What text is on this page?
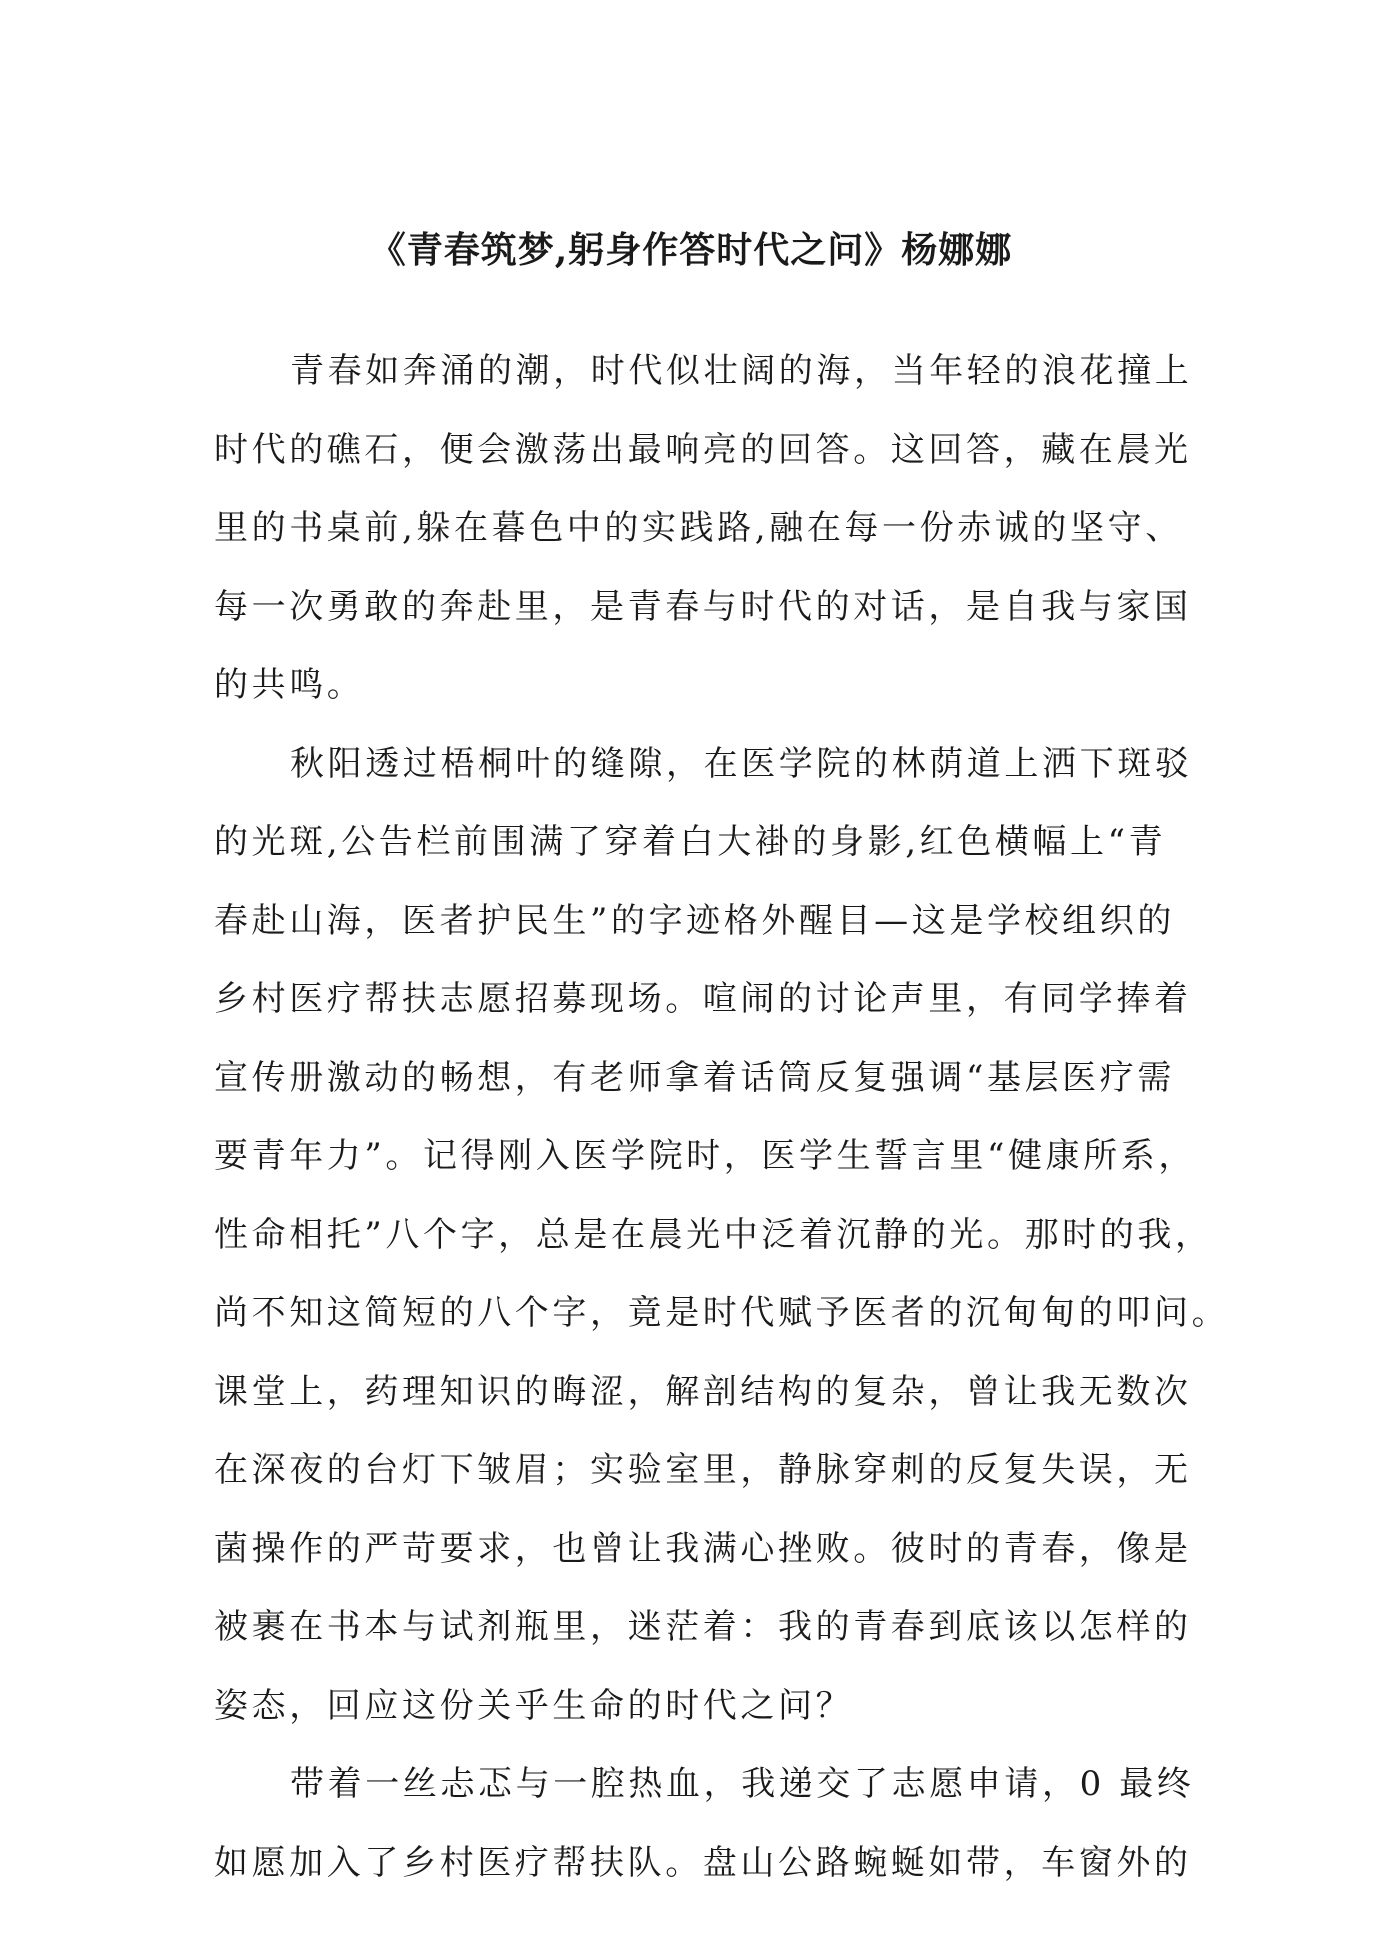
《青春筑梦,躬身作答时代之问》杨娜娜

青春如奔涌的潮，时代似壮阔的海，当年轻的浪花撞上
时代的礁石，便会激荡出最响亮的回答。这回答，藏在晨光
里的书桌前,躲在暮色中的实践路,融在每一份赤诚的坚守、
每一次勇敢的奔赴里，是青春与时代的对话，是自我与家国
的共鸣。

秋阳透过梧桐叶的缝隙，在医学院的林荫道上洒下斑驳
的光斑,公告栏前围满了穿着白大褂的身影,红色横幅上“青
春赴山海，医者护民生”的字迹格外醒目—这是学校组织的
乡村医疗帮扶志愿招募现场。喧闹的讨论声里，有同学捧着
宣传册激动的畅想，有老师拿着话筒反复强调“基层医疗需
要青年力”。记得刚入医学院时，医学生誓言里“健康所系，
性命相托”八个字，总是在晨光中泛着沉静的光。那时的我，
尚不知这简短的八个字，竟是时代赋予医者的沉甸甸的叩问。
课堂上，药理知识的晦涩，解剖结构的复杂，曾让我无数次
在深夜的台灯下皱眉；实验室里，静脉穿刺的反复失误，无
菌操作的严苛要求，也曾让我满心挫败。彼时的青春，像是
被裹在书本与试剂瓶里，迷茫着：我的青春到底该以怎样的
姿态，回应这份关乎生命的时代之问？

带着一丝忐忑与一腔热血，我递交了志愿申请，0 最终
如愿加入了乡村医疗帮扶队。盘山公路蜿蜒如带，车窗外的
